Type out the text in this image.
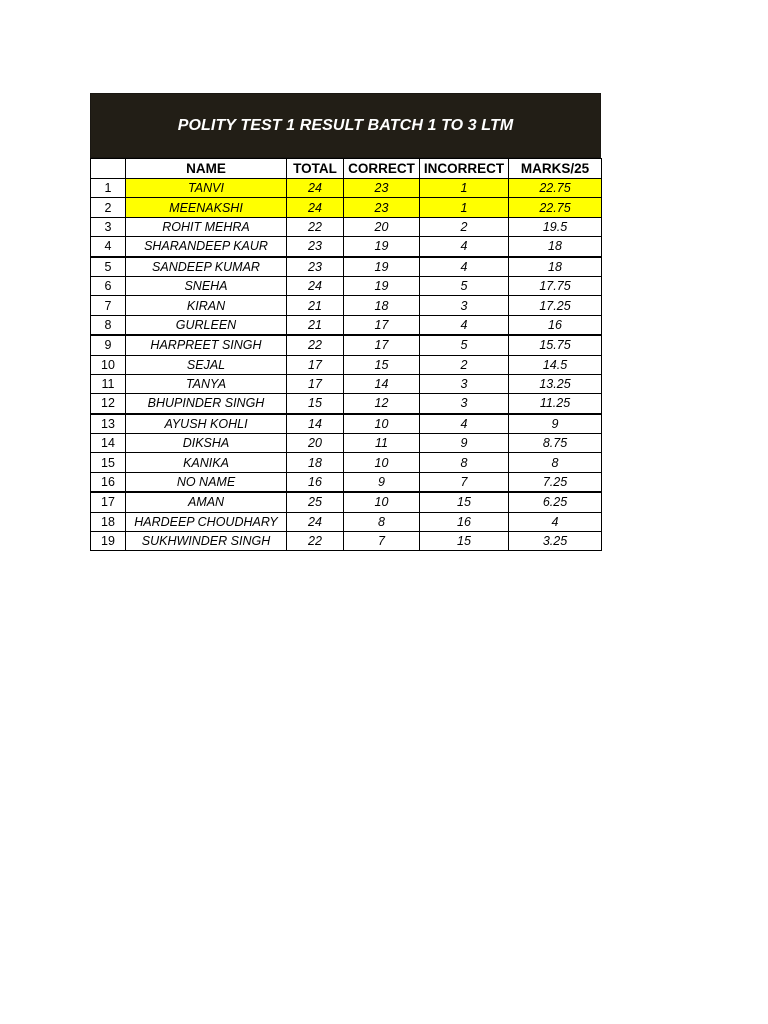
POLITY TEST 1 RESULT BATCH 1 TO 3 LTM
	NAME	TOTAL	CORRECT	INCORRECT	MARKS/25
1	TANVI	24	23	1	22.75
2	MEENAKSHI	24	23	1	22.75
3	ROHIT MEHRA	22	20	2	19.5
4	SHARANDEEP KAUR	23	19	4	18
5	SANDEEP KUMAR	23	19	4	18
6	SNEHA	24	19	5	17.75
7	KIRAN	21	18	3	17.25
8	GURLEEN	21	17	4	16
9	HARPREET SINGH	22	17	5	15.75
10	SEJAL	17	15	2	14.5
11	TANYA	17	14	3	13.25
12	BHUPINDER SINGH	15	12	3	11.25
13	AYUSH KOHLI	14	10	4	9
14	DIKSHA	20	11	9	8.75
15	KANIKA	18	10	8	8
16	NO NAME	16	9	7	7.25
17	AMAN	25	10	15	6.25
18	HARDEEP CHOUDHARY	24	8	16	4
19	SUKHWINDER SINGH	22	7	15	3.25
